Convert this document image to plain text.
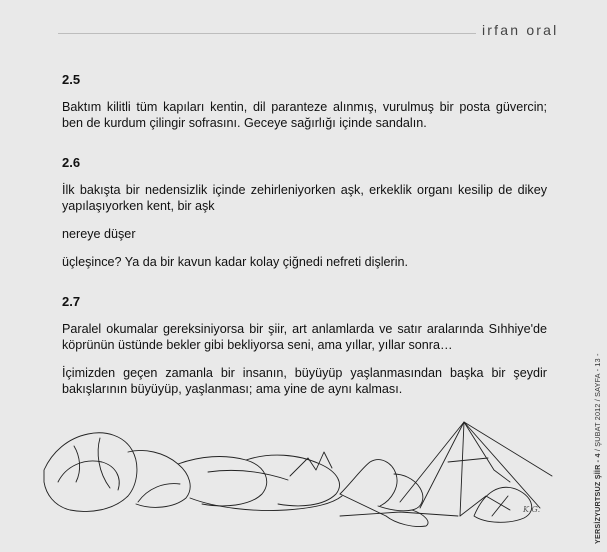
irfan oral

2.5

Baktım kilitli tüm kapıları kentin, dil paranteze alınmış, vurulmuş bir posta güvercin; ben de kurdum çilingir sofrasını. Geceye sağırlığı içinde sandalın.

2.6

İlk bakışta bir nedensizlik içinde zehirleniyorken aşk, erkeklik organı kesilip de dikey yapılaşıyorken kent, bir aşk

nereye düşer

üçleşince? Ya da bir kavun kadar kolay çiğnedi nefreti dişlerin.

2.7

Paralel okumalar gereksiniyorsa bir şiir, art anlamlarda ve satır aralarında Sıhhiye'de köprünün üstünde bekler gibi bekliyorsa seni, ama yıllar, yıllar sonra…

İçimizden geçen zamanla bir insanın, büyüyüp yaşlanmasından başka bir şeydir bakışlarının büyüyüp, yaşlanması; ama yine de aynı kalması.

K.G.	YERSİZYURTSUZ ŞİİR - 4 / ŞUBAT 2012 / SAYFA - 13 -
